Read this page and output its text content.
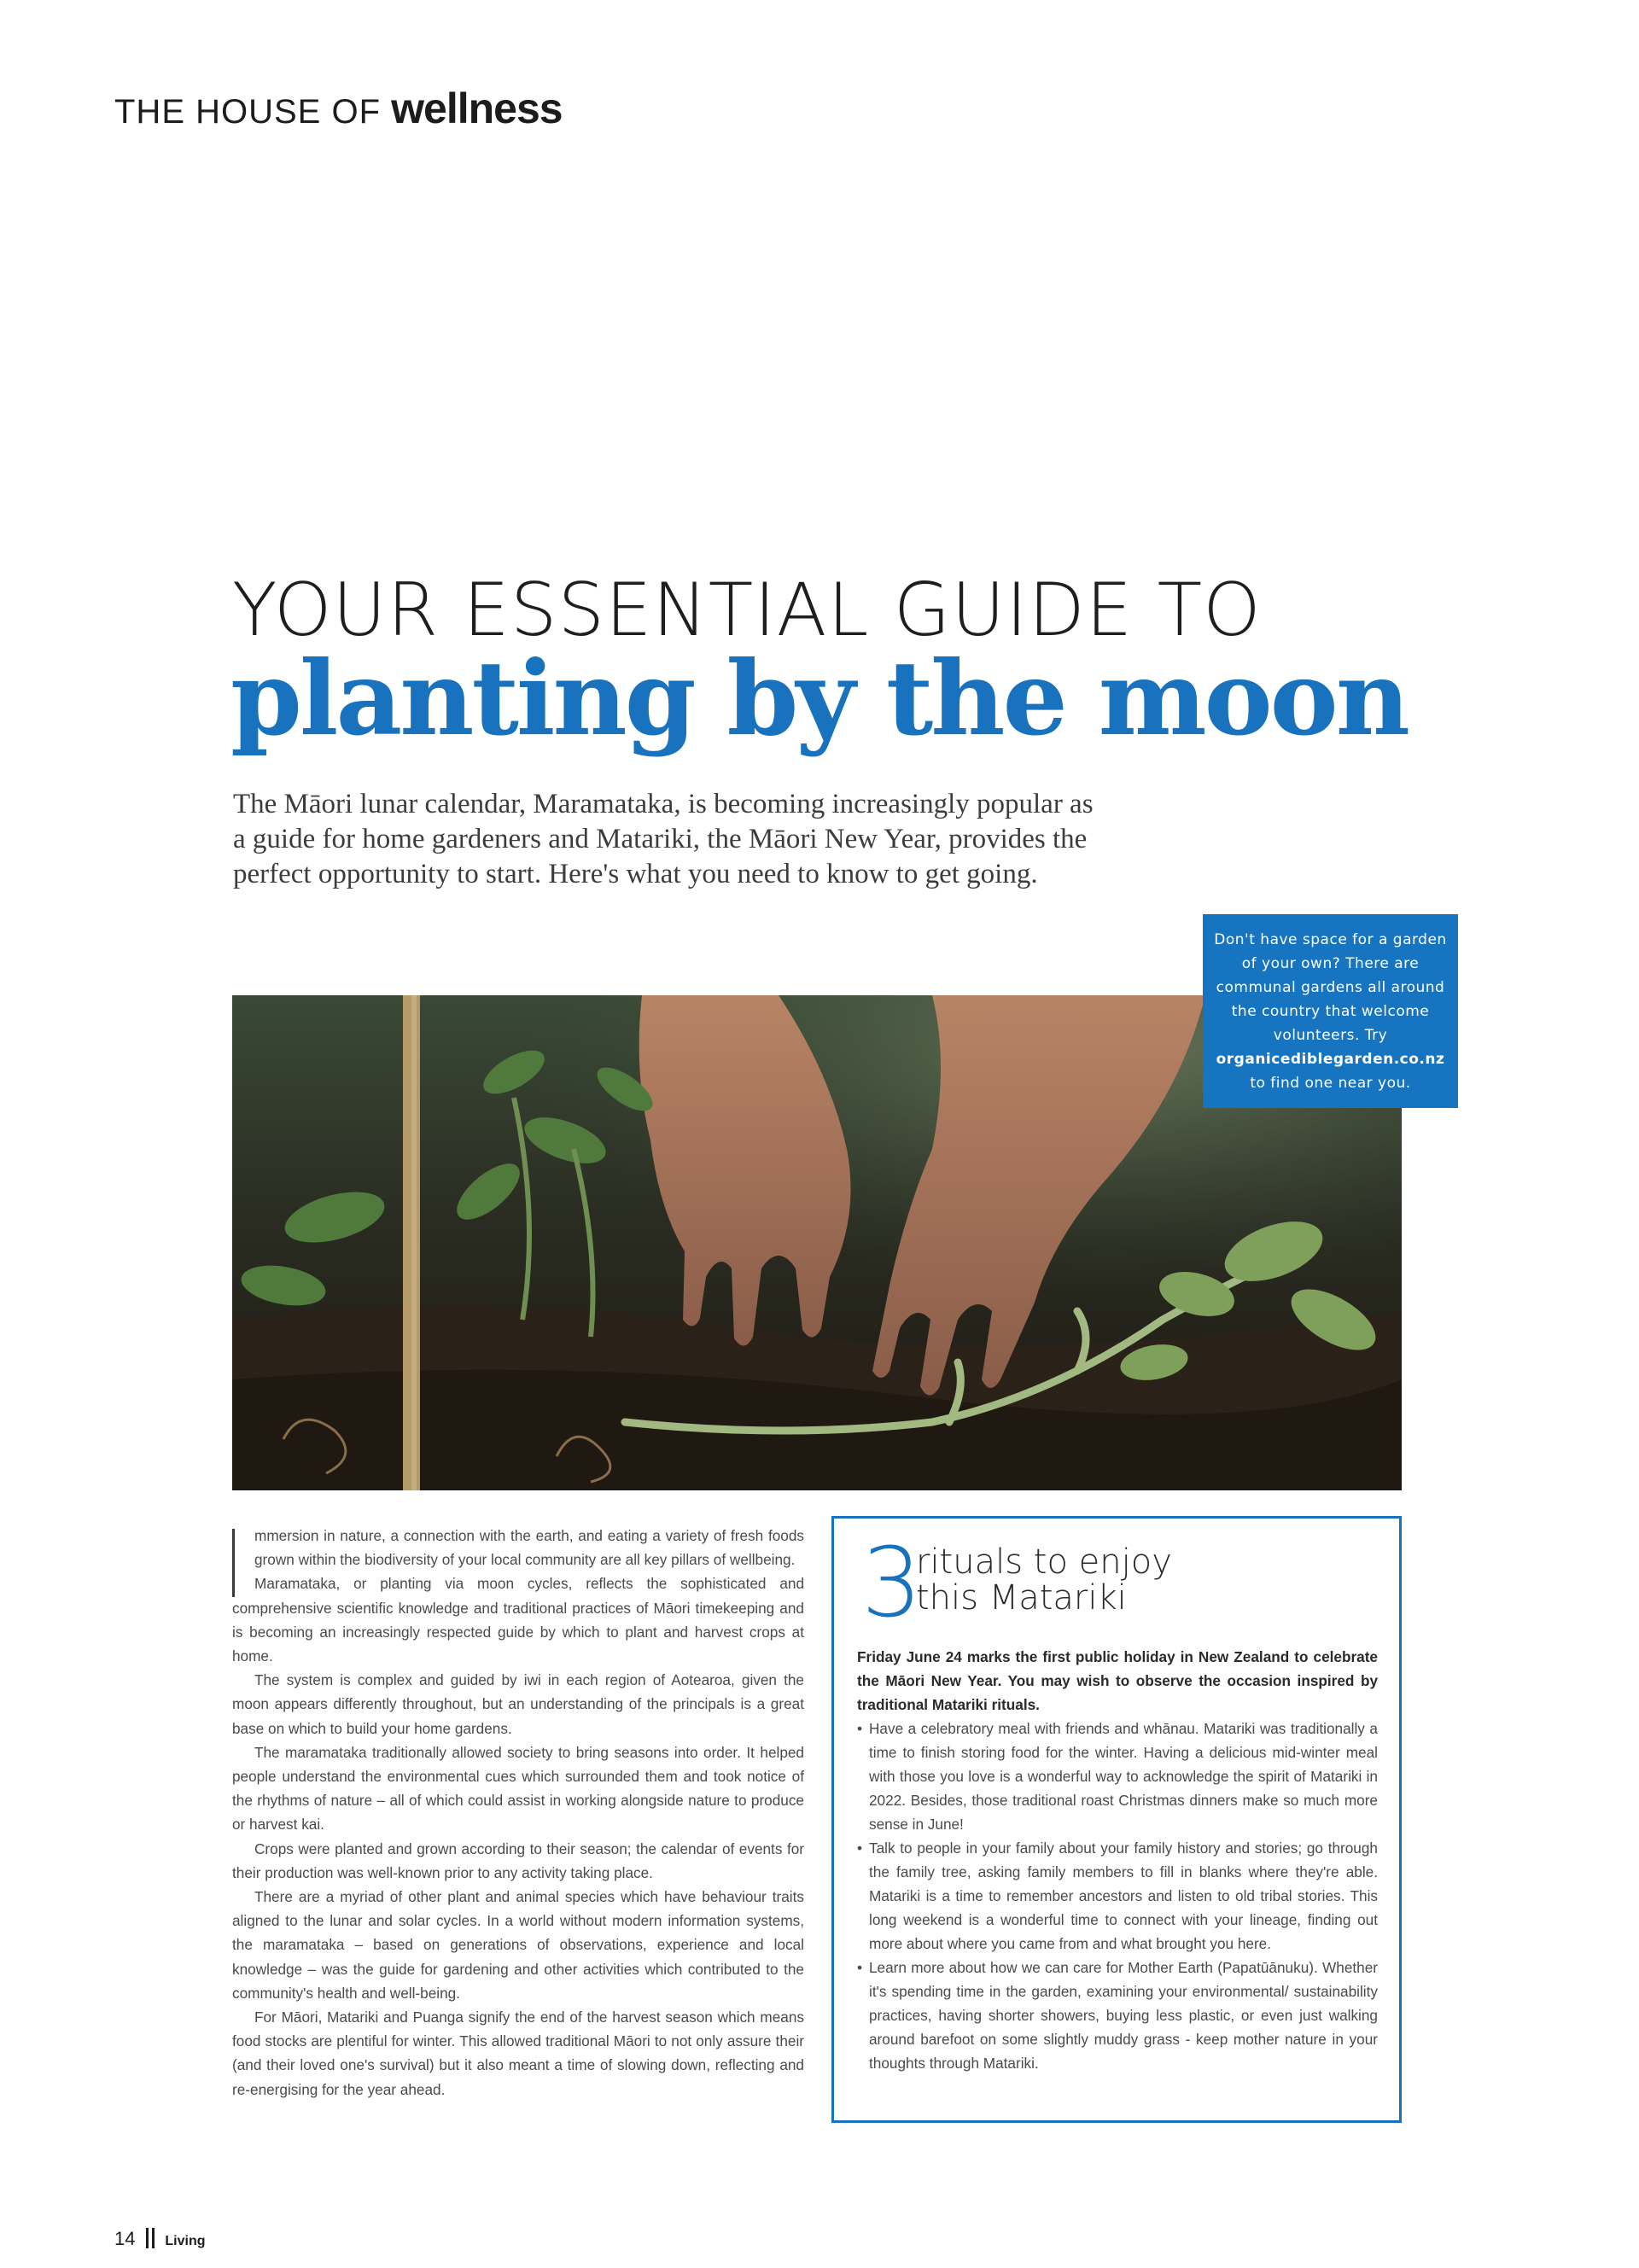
THE HOUSE OF wellness
YOUR ESSENTIAL GUIDE TO
planting by the moon
The Māori lunar calendar, Maramataka, is becoming increasingly popular as a guide for home gardeners and Matariki, the Māori New Year, provides the perfect opportunity to start. Here's what you need to know to get going.
Don't have space for a garden of your own? There are communal gardens all around the country that welcome volunteers. Try organicediblegarden.co.nz to find one near you.

mmersion in nature, a connection with the earth, and eating a variety of fresh foods grown within the biodiversity of your local community are all key pillars of wellbeing.

Maramataka, or planting via moon cycles, reflects the sophisticated and comprehensive scientific knowledge and traditional practices of Māori timekeeping and is becoming an increasingly respected guide by which to plant and harvest crops at home.

The system is complex and guided by iwi in each region of Aotearoa, given the moon appears differently throughout, but an understanding of the principals is a great base on which to build your home gardens.

The maramataka traditionally allowed society to bring seasons into order. It helped people understand the environmental cues which surrounded them and took notice of the rhythms of nature – all of which could assist in working alongside nature to produce or harvest kai.

Crops were planted and grown according to their season; the calendar of events for their production was well-known prior to any activity taking place.

There are a myriad of other plant and animal species which have behaviour traits aligned to the lunar and solar cycles. In a world without modern information systems, the maramataka – based on generations of observations, experience and local knowledge – was the guide for gardening and other activities which contributed to the community's health and well-being.

For Māori, Matariki and Puanga signify the end of the harvest season which means food stocks are plentiful for winter. This allowed traditional Māori to not only assure their (and their loved one's survival) but it also meant a time of slowing down, reflecting and re-energising for the year ahead.

3
rituals to enjoy
this Matariki
Friday June 24 marks the first public holiday in New Zealand to celebrate the Māori New Year. You may wish to observe the occasion inspired by traditional Matariki rituals.
• Have a celebratory meal with friends and whānau. Matariki was traditionally a time to finish storing food for the winter. Having a delicious mid-winter meal with those you love is a wonderful way to acknowledge the spirit of Matariki in 2022. Besides, those traditional roast Christmas dinners make so much more sense in June!
• Talk to people in your family about your family history and stories; go through the family tree, asking family members to fill in blanks where they're able. Matariki is a time to remember ancestors and listen to old tribal stories. This long weekend is a wonderful time to connect with your lineage, finding out more about where you came from and what brought you here.
• Learn more about how we can care for Mother Earth (Papatūānuku). Whether it's spending time in the garden, examining your environmental/ sustainability practices, having shorter showers, buying less plastic, or even just walking around barefoot on some slightly muddy grass - keep mother nature in your thoughts through Matariki.
14 Living
